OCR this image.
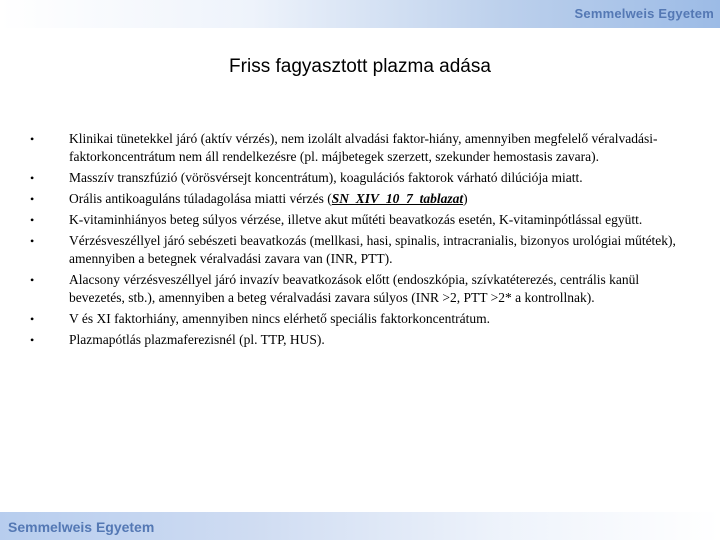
Semmelweis Egyetem
Friss fagyasztott plazma adása
•	Klinikai tünetekkel járó (aktív vérzés), nem izolált alvadási faktor-hiány, amennyiben megfelelő véralvadási-faktorkoncentrátum nem áll rendelkezésre (pl. májbetegek szerzett, szekunder hemostasis zavara).
•	Masszív transzfúzió (vörösvérsejt koncentrátum), koagulációs faktorok várható dilúciója miatt.
•	Orális antikoaguláns túladagolása miatti vérzés (SN_XIV_10_7_tablazat)
•	K-vitaminhiányos beteg súlyos vérzése, illetve akut műtéti beavatkozás esetén, K-vitaminpótlással együtt.
•	Vérzésveszéllyel járó sebészeti beavatkozás (mellkasi, hasi, spinalis, intracranialis, bizonyos urológiai műtétek), amennyiben a betegnek véralvadási zavara van (INR, PTT).
•	Alacsony vérzésveszéllyel járó invazív beavatkozások előtt (endoszkópia, szívkatéterezés, centrális kanül bevezetés, stb.), amennyiben a beteg véralvadási zavara súlyos (INR >2, PTT >2* a kontrollnak).
•	V és XI faktorhiány, amennyiben nincs elérhető speciális faktorkoncentrátum.
•	Plazmapótlás plazmaferezisnél (pl. TTP, HUS).
Semmelweis Egyetem
